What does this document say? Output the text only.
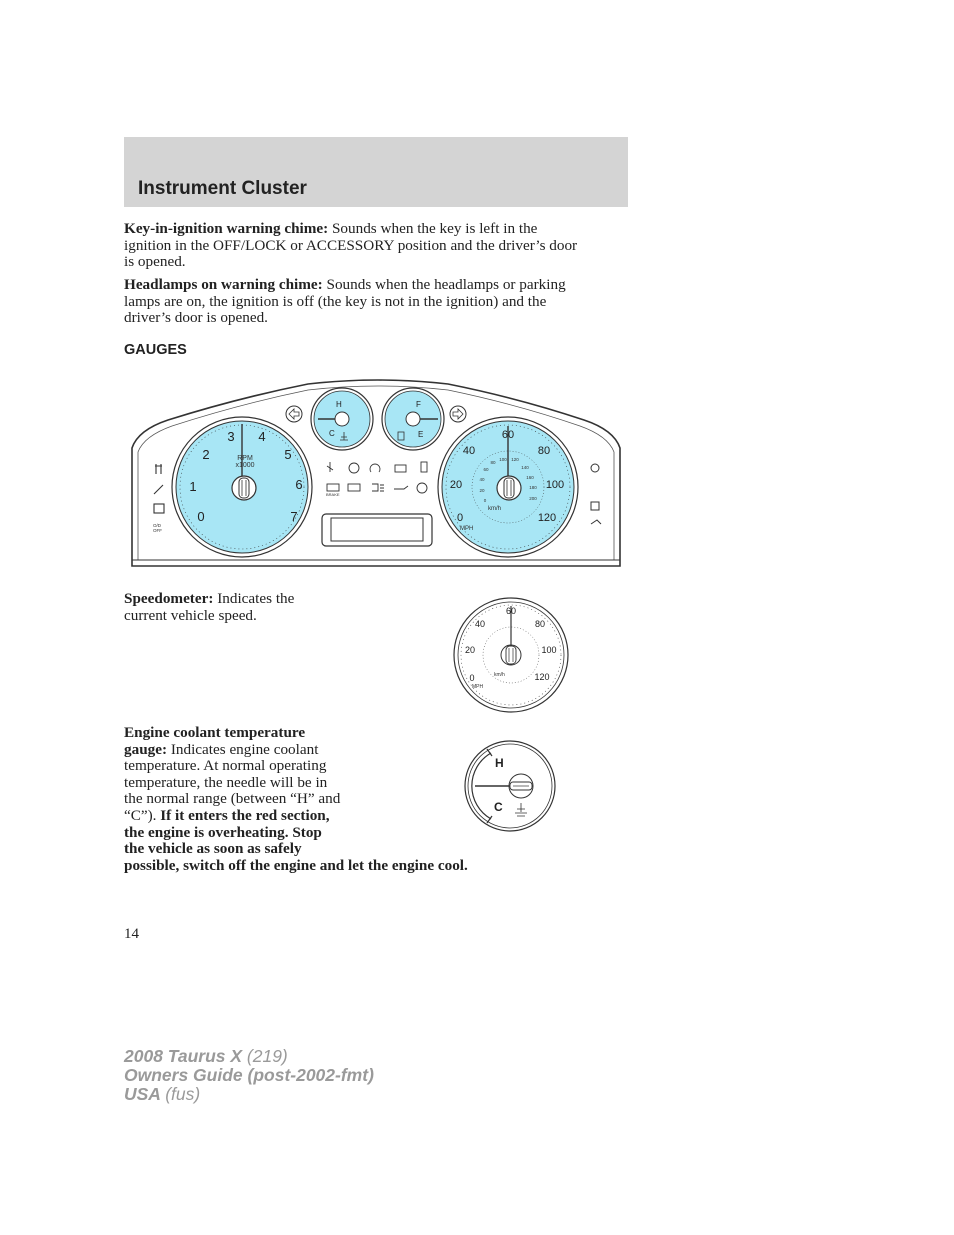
Instrument Cluster

Key-in-ignition warning chime: Sounds when the key is left in the
ignition in the OFF/LOCK or ACCESSORY position and the driver’s door
is opened.

Headlamps on warning chime: Sounds when the headlamps or parking
lamps are on, the ignition is off (the key is not in the ignition) and the
driver’s door is opened.

GAUGES
0
1
2
3 4
5
6
7
RPM
x1000
H
C
F
E
BRAKE
O/D
OFF
0
20
40
60
80
100
120
0
20
40
60
80
100 120
140
160
180
200
km/h
MPH

Speedometer: Indicates the
current vehicle speed.

0
20
40
60
80
100
120
km/h
MPH

Engine coolant temperature
gauge: Indicates engine coolant
temperature. At normal operating
temperature, the needle will be in
the normal range (between “H” and
“C”). If it enters the red section,
the engine is overheating. Stop
the vehicle as soon as safely
possible, switch off the engine and let the engine cool.

H
C
14
2008 Taurus X (219)
Owners Guide (post-2002-fmt)
USA (fus)
